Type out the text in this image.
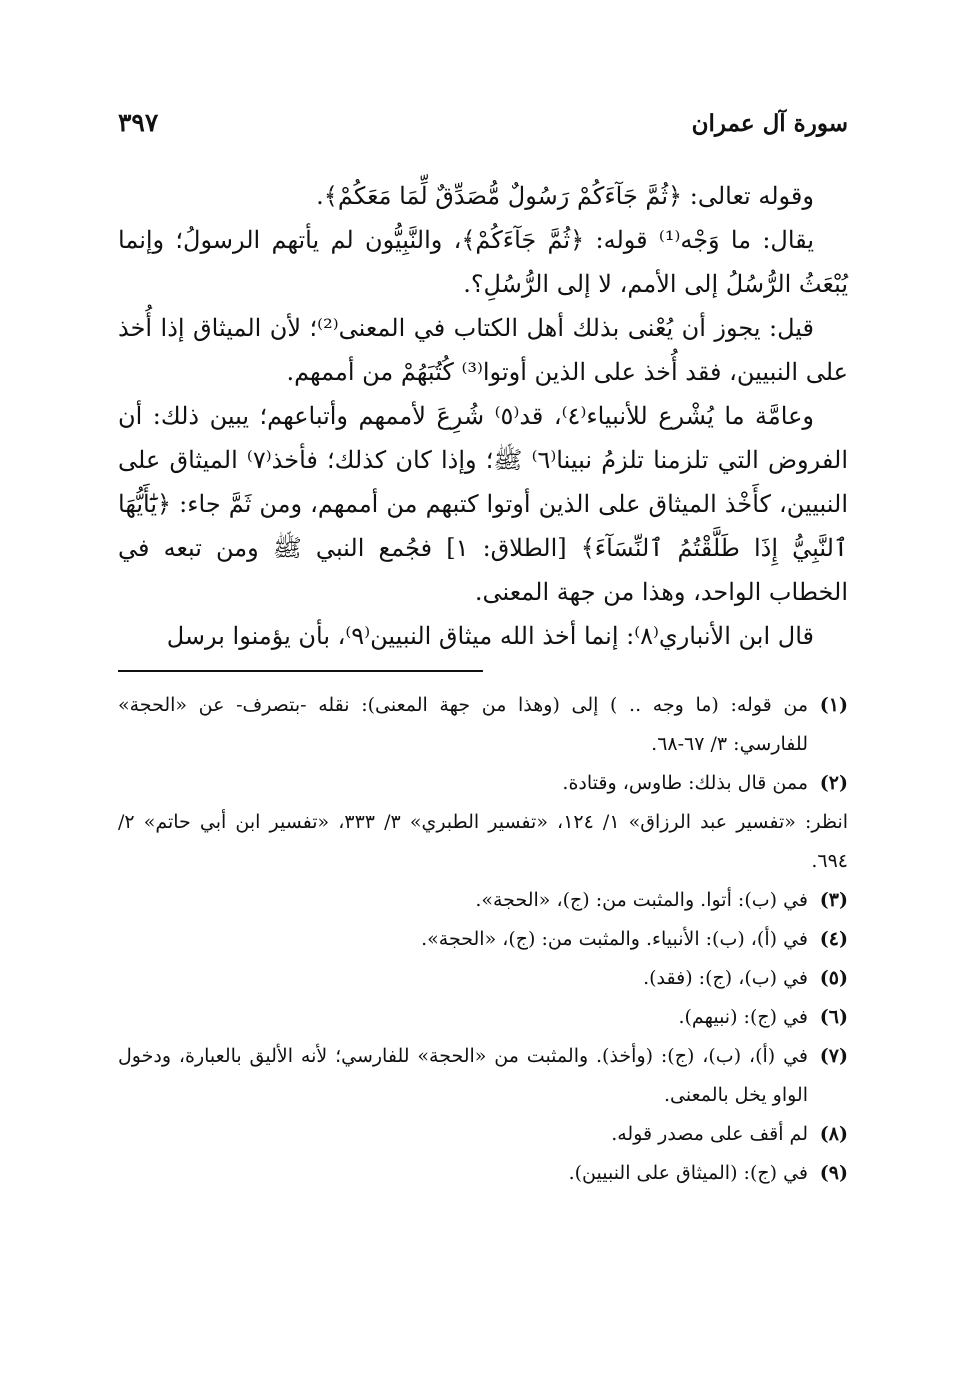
سورة آل عمران
٣٩٧

وقوله تعالى: ﴿ثُمَّ جَآءَكُمْ رَسُولٌ مُّصَدِّقٌ لِّمَا مَعَكُمْ﴾.

يقال: ما وَجْه⁽¹⁾ قوله: ﴿ثُمَّ جَآءَكُمْ﴾، والنَّبِيُّون لم يأتهم الرسولُ؛ وإنما يُبْعَثُ الرُّسُلُ إلى الأمم، لا إلى الرُّسُلِ؟.

قيل: يجوز أن يُعْنى بذلك أهل الكتاب في المعنى⁽²⁾؛ لأن الميثاق إذا أُخذ على النبيين، فقد أُخذ على الذين أوتوا⁽³⁾ كُتُبَهُمْ من أممهم.

وعامَّة ما يُشْرع للأنبياء⁽٤⁾، قد⁽٥⁾ شُرِعَ لأممهم وأتباعهم؛ يبين ذلك: أن الفروض التي تلزمنا تلزمُ نبينا⁽٦⁾ ﷺ؛ وإذا كان كذلك؛ فأخذ⁽٧⁾ الميثاق على النبيين، كأَخْذ الميثاق على الذين أوتوا كتبهم من أممهم، ومن ثَمَّ جاء: ﴿يَٰٓأَيُّهَا ٱلنَّبِيُّ إِذَا طَلَّقْتُمُ ٱلنِّسَآءَ﴾ [الطلاق: ١] فجُمع النبي ﷺ ومن تبعه في الخطاب الواحد، وهذا من جهة المعنى.

قال ابن الأنباري⁽٨⁾: إنما أخذ الله ميثاق النبيين⁽٩⁾، بأن يؤمنوا برسل

(١)
من قوله: (ما وجه .. ) إلى (وهذا من جهة المعنى): نقله -بتصرف- عن «الحجة» للفارسي: ٣/ ٦٧-٦٨.
(٢)
ممن قال بذلك: طاوس، وقتادة.
انظر: «تفسير عبد الرزاق» ١/ ١٢٤، «تفسير الطبري» ٣/ ٣٣٣، «تفسير ابن أبي حاتم» ٢/ ٦٩٤.
(٣)
في (ب): أتوا. والمثبت من: (ج)، «الحجة».
(٤)
في (أ)، (ب): الأنبياء. والمثبت من: (ج)، «الحجة».
(٥)
في (ب)، (ج): (فقد).
(٦)
في (ج): (نبيهم).
(٧)
في (أ)، (ب)، (ج): (وأخذ). والمثبت من «الحجة» للفارسي؛ لأنه الأليق بالعبارة، ودخول الواو يخل بالمعنى.
(٨)
لم أقف على مصدر قوله.
(٩)
في (ج): (الميثاق على النبيين).
